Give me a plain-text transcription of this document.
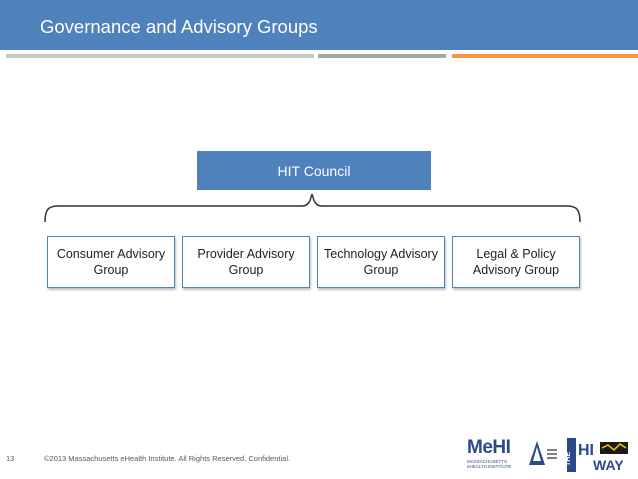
Governance and Advisory Groups
HIT Council
Consumer Advisory Group
Provider Advisory Group
Technology Advisory Group
Legal & Policy Advisory Group
13	©2013 Massachusetts eHealth Institute. All Rights Reserved. Confidential.
MeHI
MASSACHUSETTS eHEALTH INSTITUTE
THE HI
WAY
